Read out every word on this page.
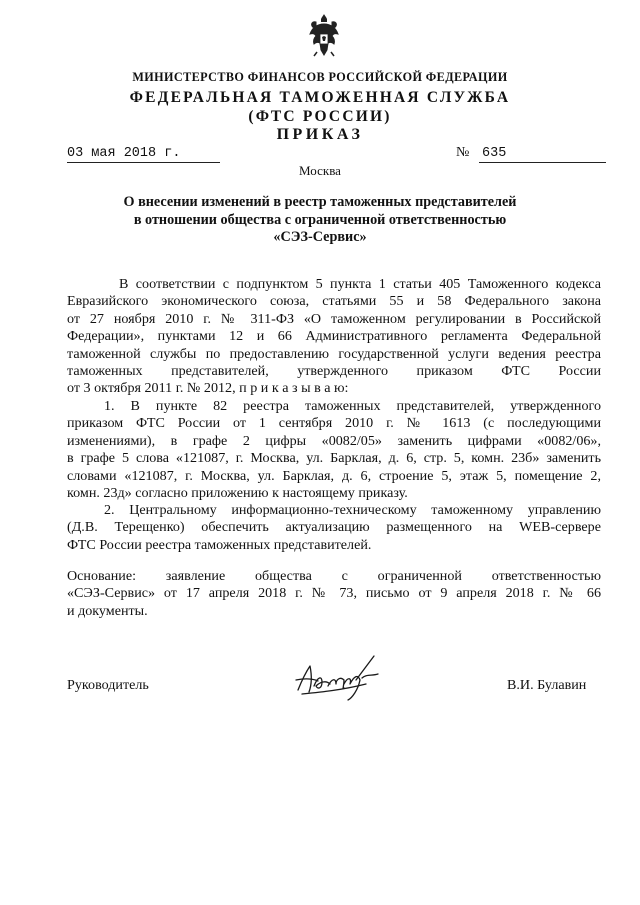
МИНИСТЕРСТВО ФИНАНСОВ РОССИЙСКОЙ ФЕДЕРАЦИИ
ФЕДЕРАЛЬНАЯ ТАМОЖЕННАЯ СЛУЖБА
(ФТС РОССИИ)
ПРИКАЗ
03 мая 2018 г.	№ 635
Москва
О внесении изменений в реестр таможенных представителей
в отношении общества с ограниченной ответственностью
«СЭЗ-Сервис»
В соответствии с подпунктом 5 пункта 1 статьи 405 Таможенного кодекса
Евразийского экономического союза, статьями 55 и 58 Федерального закона
от 27 ноября 2010 г. № 311-ФЗ «О таможенном регулировании в Российской
Федерации», пунктами 12 и 66 Административного регламента Федеральной
таможенной службы по предоставлению государственной услуги ведения реестра
таможенных представителей, утвержденного приказом ФТС России
от 3 октября 2011 г. № 2012, п р и к а з ы в а ю:
1. В пункте 82 реестра таможенных представителей, утвержденного
приказом ФТС России от 1 сентября 2010 г. № 1613 (с последующими
изменениями), в графе 2 цифры «0082/05» заменить цифрами «0082/06»,
в графе 5 слова «121087, г. Москва, ул. Барклая, д. 6, стр. 5, комн. 23б» заменить
словами «121087, г. Москва, ул. Барклая, д. 6, строение 5, этаж 5, помещение 2,
комн. 23д» согласно приложению к настоящему приказу.
2. Центральному информационно-техническому таможенному управлению
(Д.В. Терещенко) обеспечить актуализацию размещенного на WEB-сервере
ФТС России реестра таможенных представителей.
Основание: заявление общества с ограниченной ответственностью
«СЭЗ-Сервис» от 17 апреля 2018 г. № 73, письмо от 9 апреля 2018 г. № 66
и документы.
Руководитель	В.И. Булавин
